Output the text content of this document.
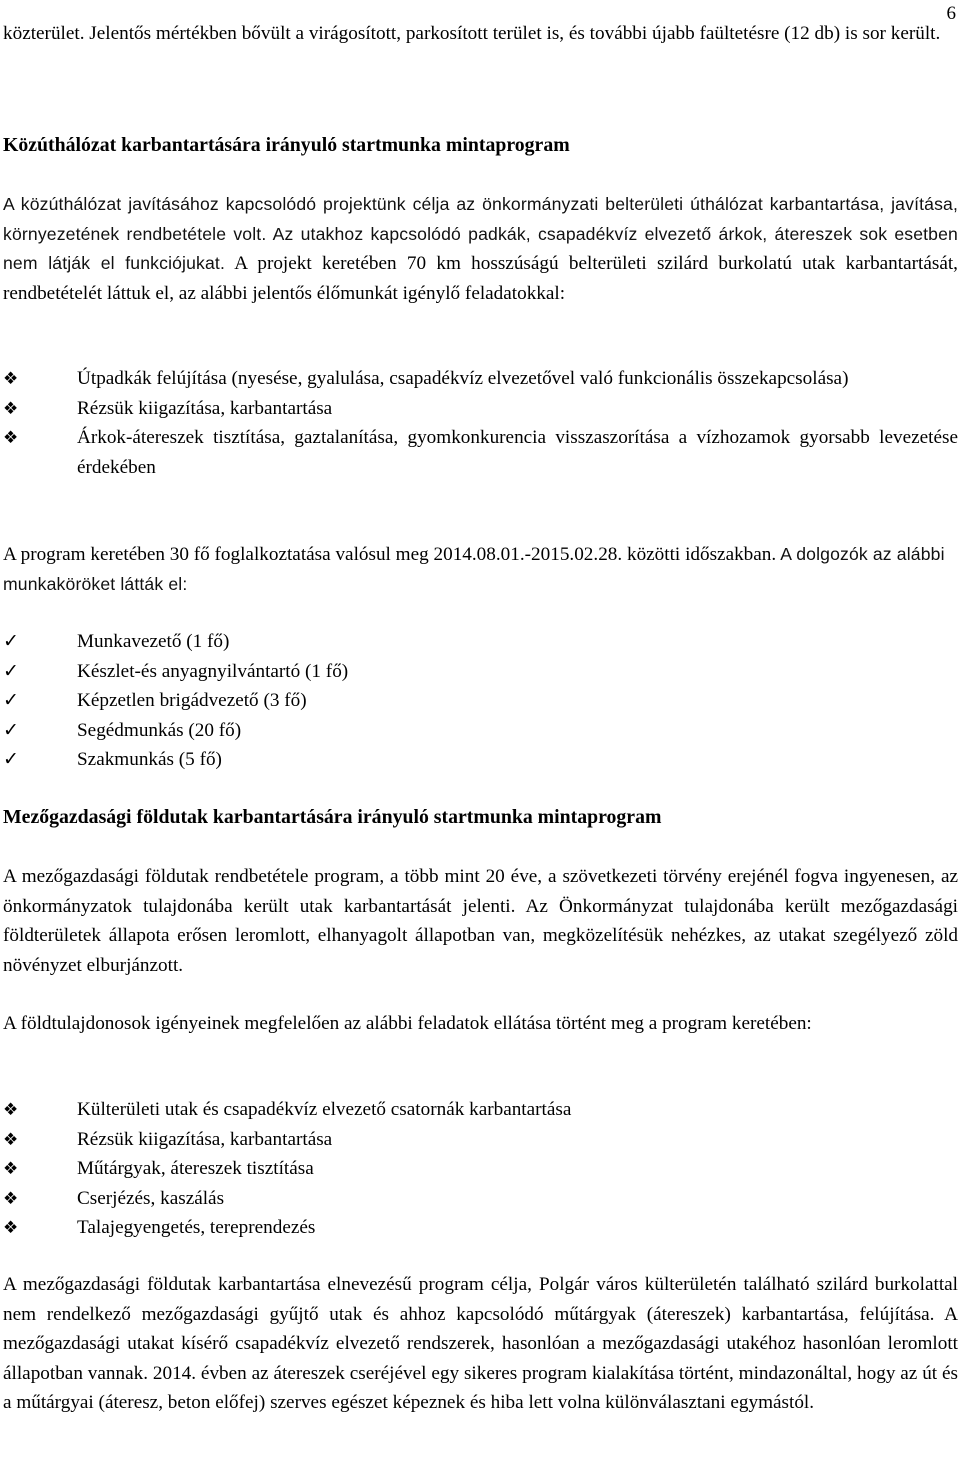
6

közterület. Jelentős mértékben bővült a virágosított, parkosított terület is, és további újabb faültetésre (12 db) is sor került.

Közúthálózat karbantartására irányuló startmunka mintaprogram

A közúthálózat javításához kapcsolódó projektünk célja az önkormányzati belterületi úthálózat karbantartása, javítása, környezetének rendbetétele volt. Az utakhoz kapcsolódó padkák, csapadékvíz elvezető árkok, átereszek sok esetben nem látják el funkciójukat. A projekt keretében 70 km hosszúságú belterületi szilárd burkolatú utak karbantartását, rendbetételét láttuk el, az alábbi jelentős élőmunkát igénylő feladatokkal:

❖	Útpadkák felújítása (nyesése, gyalulása, csapadékvíz elvezetővel való funkcionális összekapcsolása)
❖	Rézsük kiigazítása, karbantartása
❖	Árkok-átereszek tisztítása, gaztalanítása, gyomkonkurencia visszaszorítása a vízhozamok gyorsabb levezetése érdekében

A program keretében 30 fő foglalkoztatása valósul meg 2014.08.01.-2015.02.28. közötti időszakban. A dolgozók az alábbi munkaköröket látták el:

✓	Munkavezető (1 fő)
✓	Készlet-és anyagnyilvántartó (1 fő)
✓	Képzetlen brigádvezető (3 fő)
✓	Segédmunkás (20 fő)
✓	Szakmunkás (5 fő)
Mezőgazdasági földutak karbantartására irányuló startmunka mintaprogram

A mezőgazdasági földutak rendbetétele program, a több mint 20 éve, a szövetkezeti törvény erejénél fogva ingyenesen, az önkormányzatok tulajdonába került utak karbantartását jelenti. Az Önkormányzat tulajdonába került mezőgazdasági földterületek állapota erősen leromlott, elhanyagolt állapotban van, megközelítésük nehézkes, az utakat szegélyező zöld növényzet elburjánzott.

A földtulajdonosok igényeinek megfelelően az alábbi feladatok ellátása történt meg a program keretében:

❖	Külterületi utak és csapadékvíz elvezető csatornák karbantartása
❖	Rézsük kiigazítása, karbantartása
❖	Műtárgyak, átereszek tisztítása
❖	Cserjézés, kaszálás
❖	Talajegyengetés, tereprendezés

A mezőgazdasági földutak karbantartása elnevezésű program célja, Polgár város külterületén található szilárd burkolattal nem rendelkező mezőgazdasági gyűjtő utak és ahhoz kapcsolódó műtárgyak (átereszek) karbantartása, felújítása. A mezőgazdasági utakat kísérő csapadékvíz elvezető rendszerek, hasonlóan a mezőgazdasági utakéhoz hasonlóan leromlott állapotban vannak. 2014. évben az átereszek cseréjével egy sikeres program kialakítása történt, mindazonáltal, hogy az út és a műtárgyai (áteresz, beton előfej) szerves egészet képeznek és hiba lett volna különválasztani egymástól.
